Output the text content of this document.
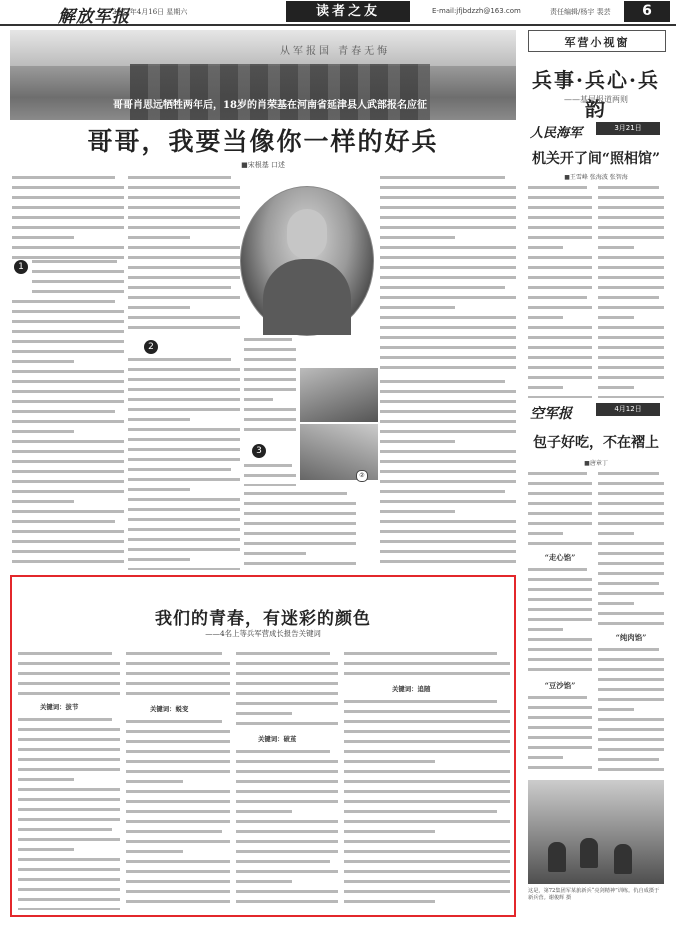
解放军报
2022年4月16日 星期六	读者之友	E-mail:jfjbdzzh@163.com	责任编辑/杨宇 裴芸	6
从军报国 青春无悔
哥哥肖思远牺牲两年后，18岁的肖荣基在河南省延津县人武部报名应征
哥哥，我要当像你一样的好兵
■宋根基 口述
1
2
3
②
军营小视窗
兵事·兵心·兵韵
——基层报道两则
人民海军	3月21日
机关开了间“照相馆”
■王雪峰 张海波 张智海
空军报	4月12日
包子好吃，不在褶上
■唐章丁
“走心馅”
“豆沙馅”
“纯肉馅”
这是，第72集团军某旅新兵“亮剑精神”训练。仇自成摄于新兵营。谢俊辉 摄
我们的青春，有迷彩的颜色
——4名上等兵军营成长报告关键词
关键词：拔节	关键词：蜕变
关键词：破茧
关键词：追随
